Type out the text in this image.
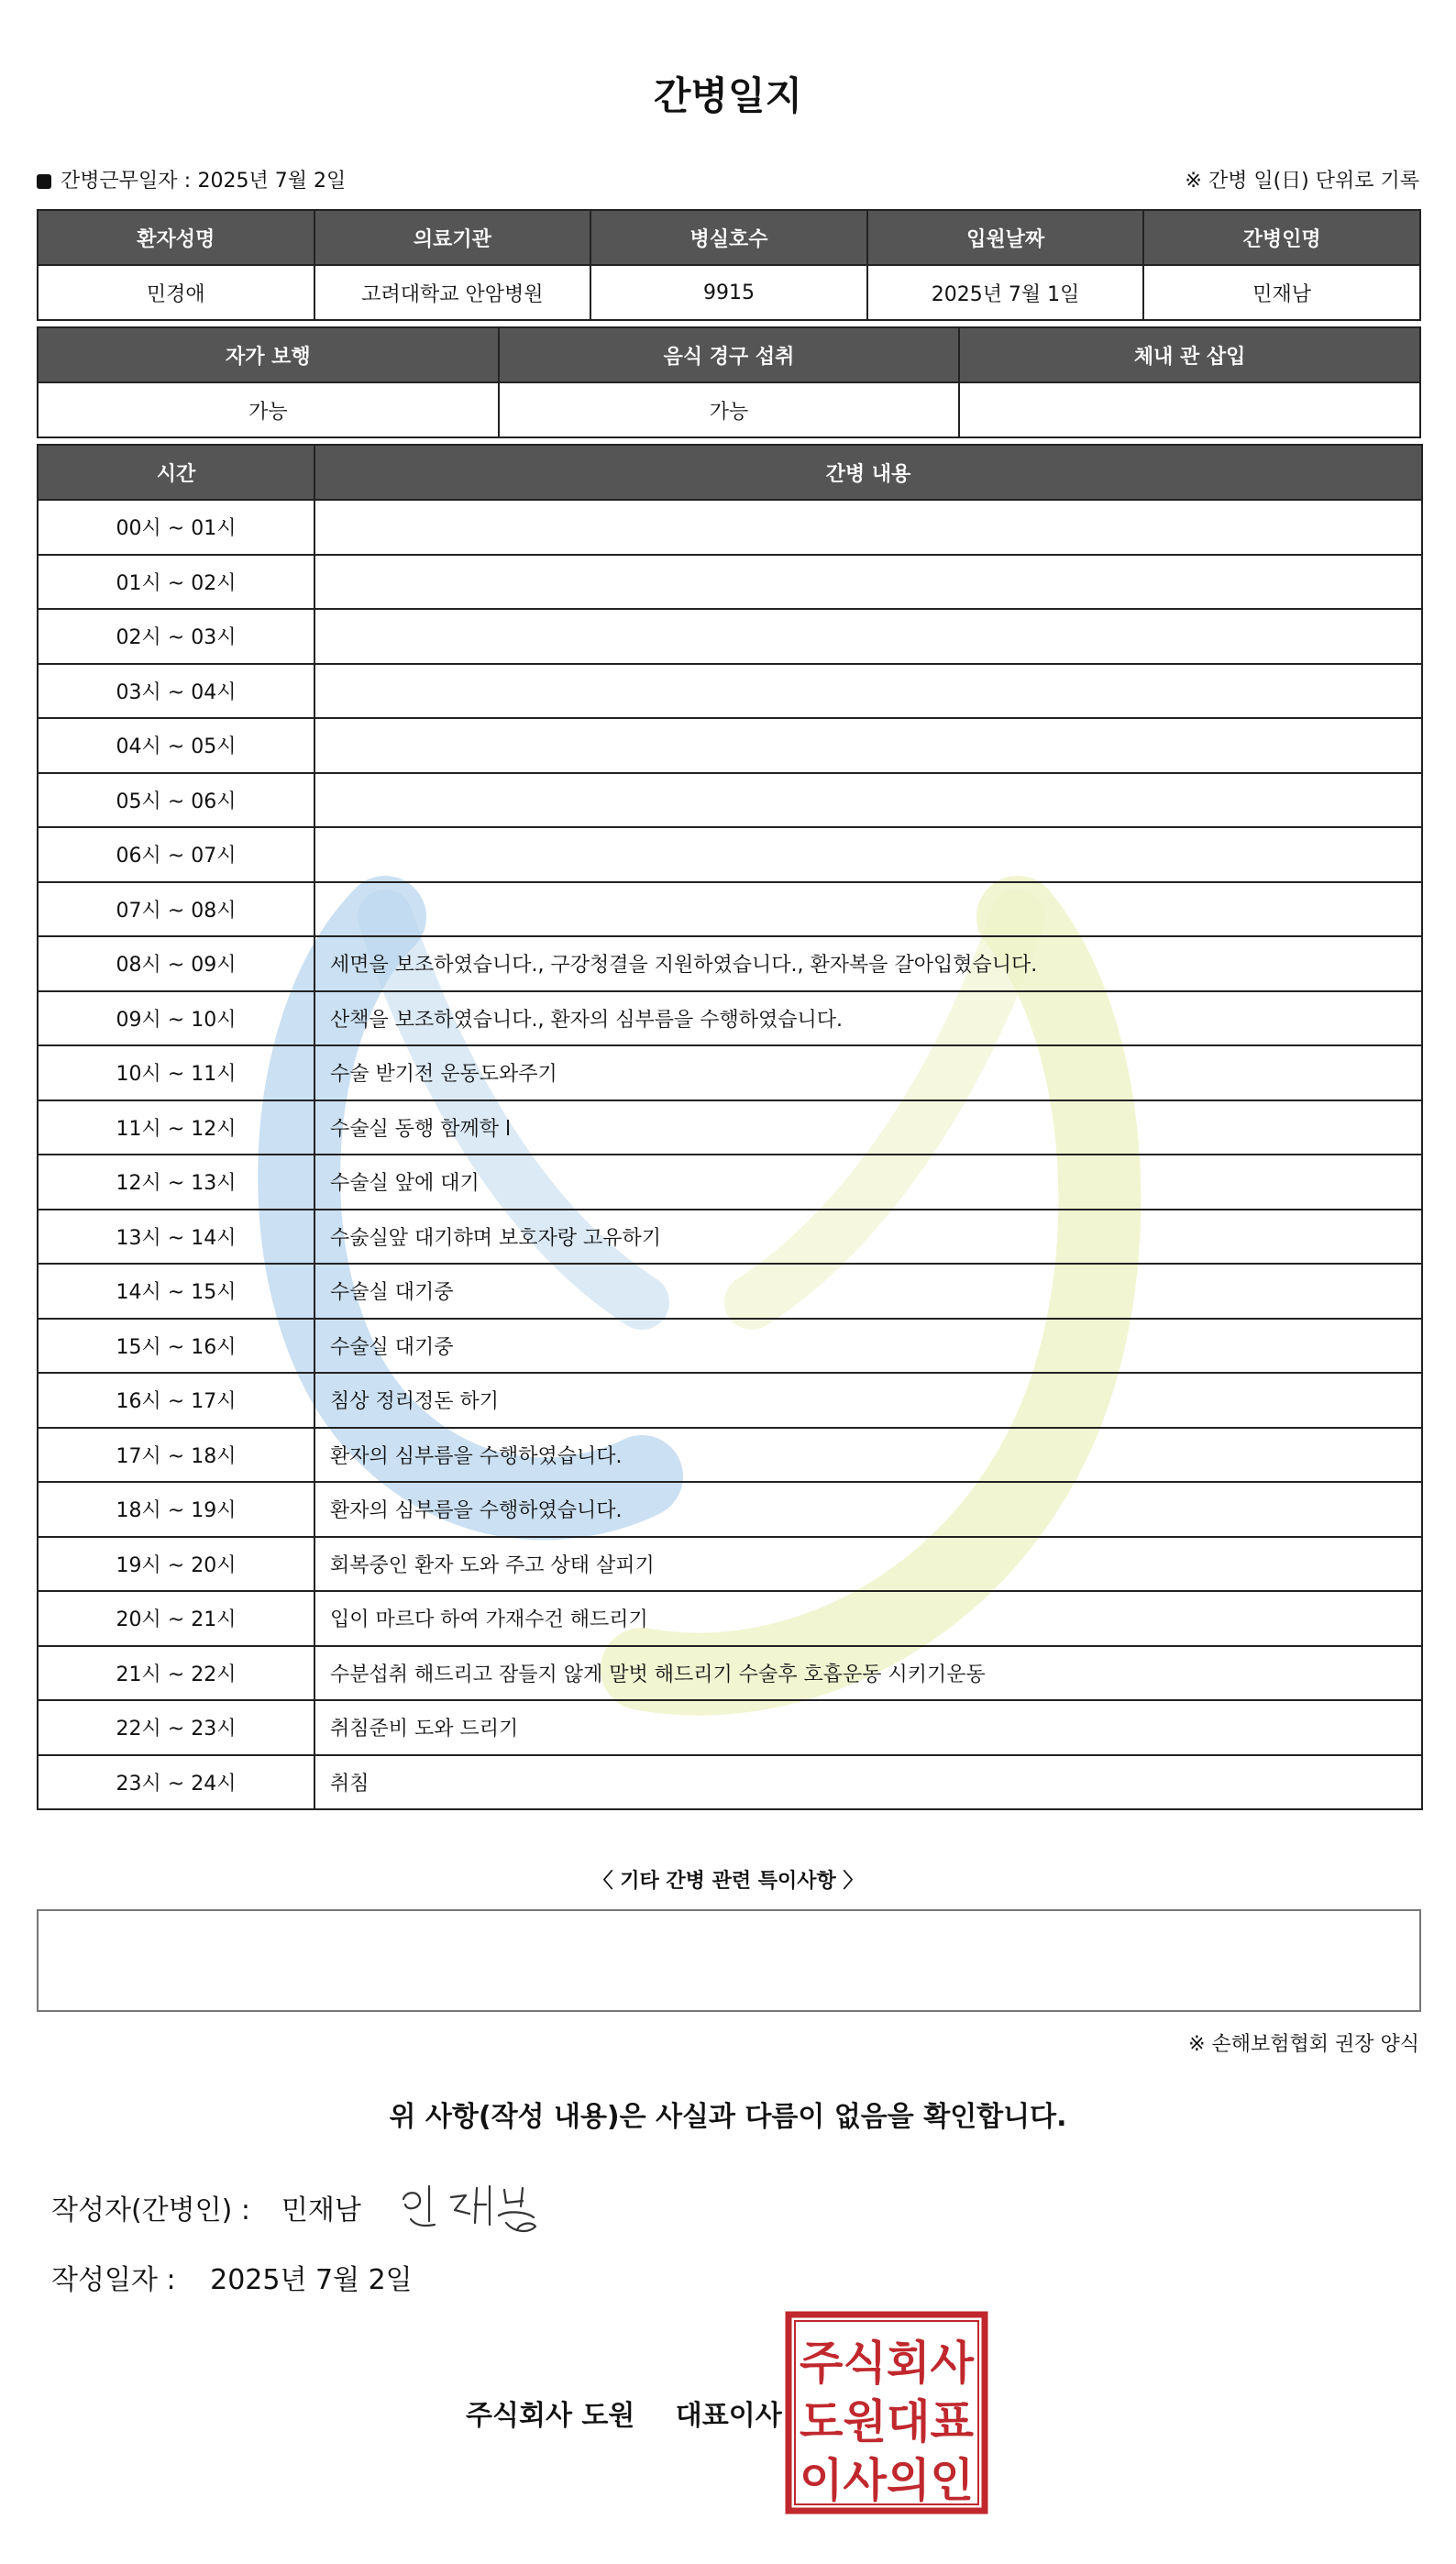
간병일지
간병근무일자 : 2025년 7월 2일	※ 간병 일(日) 단위로 기록
환자성명	의료기관	병실호수	입원날짜	간병인명
민경애	고려대학교 안암병원	9915	2025년 7월 1일	민재남
자가 보행	음식 경구 섭취	체내 관 삽입
가능	가능	
시간	간병 내용
00시 ~ 01시	
01시 ~ 02시	
02시 ~ 03시	
03시 ~ 04시	
04시 ~ 05시	
05시 ~ 06시	
06시 ~ 07시	
07시 ~ 08시	
08시 ~ 09시	세면을 보조하였습니다., 구강청결을 지원하였습니다., 환자복을 갈아입혔습니다.
09시 ~ 10시	산책을 보조하였습니다., 환자의 심부름을 수행하였습니다.
10시 ~ 11시	수술 받기전 운동도와주기
11시 ~ 12시	수술실 동행 함께학 l
12시 ~ 13시	수술실 앞에 대기
13시 ~ 14시	수숤실앞 대기햐며 보호자랑 고유하기
14시 ~ 15시	수술실 대기중
15시 ~ 16시	수술실 대기중
16시 ~ 17시	침상 정리정돈 하기
17시 ~ 18시	환자의 심부름을 수행하였습니다.
18시 ~ 19시	환자의 심부름을 수행하였습니다.
19시 ~ 20시	회복중인 환자 도와 주고 상태 살피기
20시 ~ 21시	입이 마르다 하여 가재수건 해드리기
21시 ~ 22시	수분섭취 해드리고 잠들지 않게 말벗 해드리기 수술후 호흡운동 시키기운동
22시 ~ 23시	취침준비 도와 드리기
23시 ~ 24시	취침
〈 기타 간병 관련 특이사항 〉
※ 손해보험협회 권장 양식
위 사항(작성 내용)은 사실과 다름이 없음을 확인합니다.
작성자(간병인) : 민재남
작성일자 : 2025년 7월 2일
주식회사 도원 대표이사
주식회사
도원대표
이사의인
